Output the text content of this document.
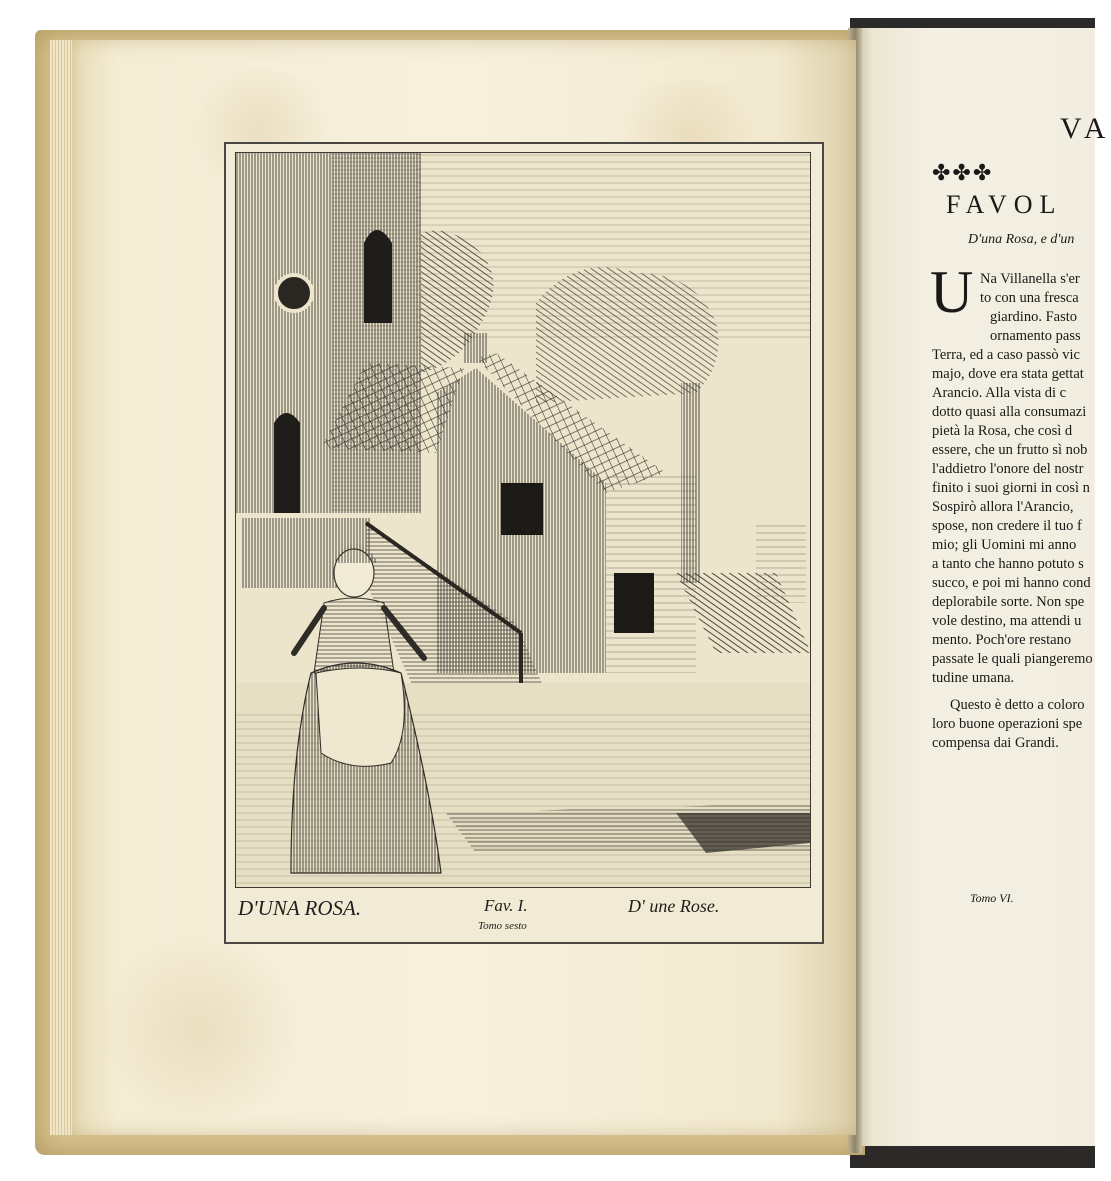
D'UNA ROSA.	Fav. I.
Tomo sesto
D' une Rose.
VA
✤✤✤
FAVOL
D'una Rosa, e d'un
U Na Villanella s'er
to con una fresca
giardino. Fasto
ornamento pass
Terra, ed a caso passò vic
majo, dove era stata gettat
Arancio. Alla vista di c
dotto quasi alla consumazi
pietà la Rosa, che così d
essere, che un frutto sì nob
l'addietro l'onore del nostr
finito i suoi giorni in così n
Sospirò allora l'Arancio,
spose, non credere il tuo f
mio; gli Uomini mi anno
a tanto che hanno potuto s
succo, e poi mi hanno cond
deplorabile sorte. Non spe
vole destino, ma attendi u
mento. Poch'ore restano
passate le quali piangeremo
tudine umana.
Questo è detto a coloro
loro buone operazioni spe
compensa dai Grandi.
Tomo VI.
